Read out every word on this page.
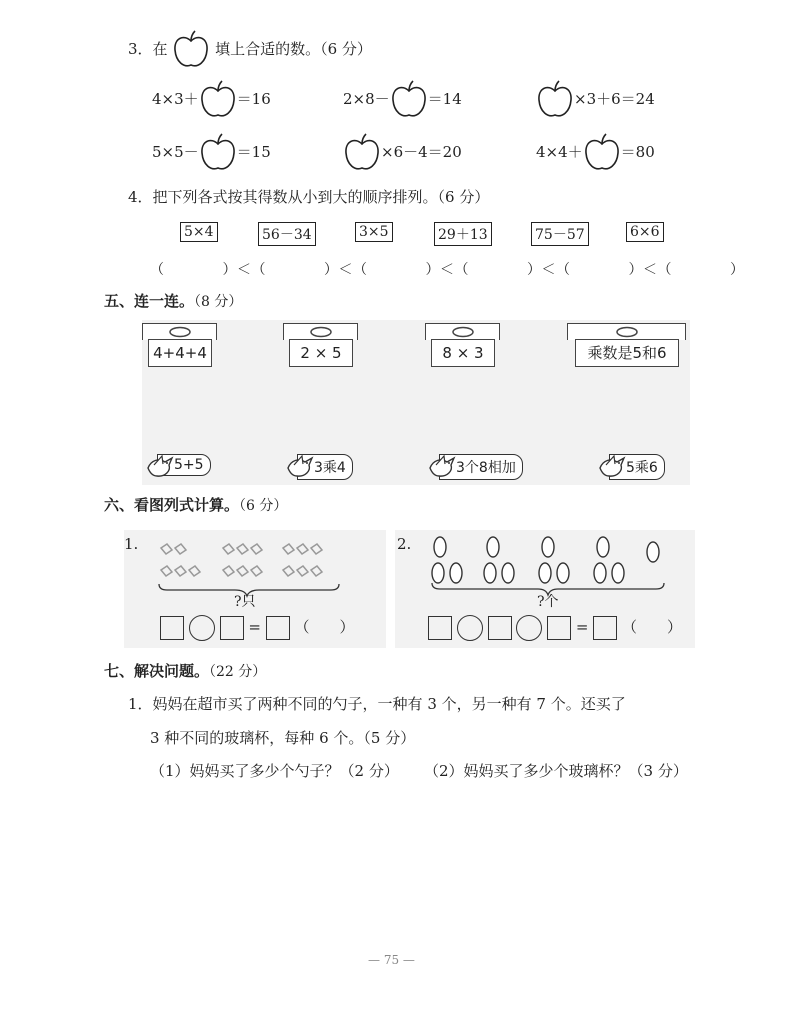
3．在	填上合适的数。（6 分）
4×3＋	＝16	2×8－	＝14	×3＋6＝24
5×5－	＝15	×6－4＝20	4×4＋	＝80
4．把下列各式按其得数从小到大的顺序排列。（6 分）
5×4	56－34	3×5	29＋13	75－57	6×6
（　　　　）＜（　　　　）＜（　　　　）＜（　　　　）＜（　　　　）＜（　　　　）
五、连一连。（8 分）
4+4+4	2 × 5	8 × 3	乘数是5和6
5+5	3乘4	3个8相加	5乘6
六、看图列式计算。（6 分）
1.
?只
= （　　）
2.
?个
= （　　）
七、解决问题。（22 分）
1．妈妈在超市买了两种不同的勺子，一种有 3 个，另一种有 7 个。还买了
3 种不同的玻璃杯，每种 6 个。（5 分）
（1）妈妈买了多少个勺子？（2 分） （2）妈妈买了多少个玻璃杯？（3 分）
— 75 —
